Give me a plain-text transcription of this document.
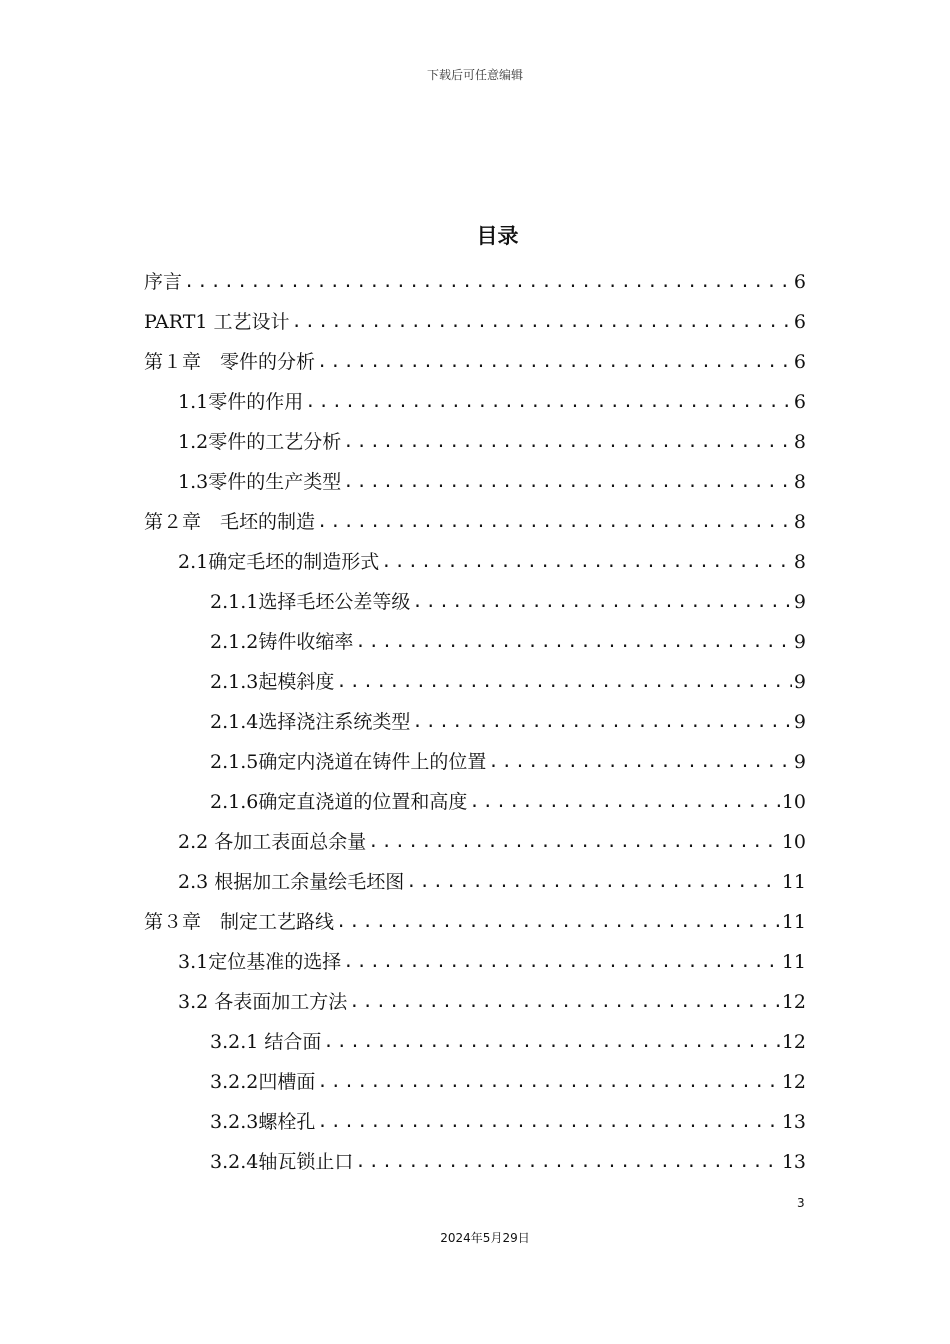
下载后可任意编辑
目录
序言 .....	6
PART1 工艺设计 .....	6
第１章　零件的分析 .....	6
1.1零件的作用 .....	6
1.2零件的工艺分析 .....	8
1.3零件的生产类型 .....	8
第２章　毛坯的制造 .....	8
2.1确定毛坯的制造形式 .....	8
2.1.1选择毛坯公差等级 .....	9
2.1.2铸件收缩率 .....	9
2.1.3起模斜度 .....	9
2.1.4选择浇注系统类型 .....	9
2.1.5确定内浇道在铸件上的位置 .....	9
2.1.6确定直浇道的位置和高度 .....	10
2.2 各加工表面总余量 .....	10
2.3 根据加工余量绘毛坯图 .....	11
第３章　制定工艺路线 .....	11
3.1定位基准的选择 .....	11
3.2 各表面加工方法 .....	12
3.2.1 结合面 .....	12
3.2.2凹槽面 .....	12
3.2.3螺栓孔 .....	13
3.2.4轴瓦锁止口 .....	13
3
2024年5月29日
